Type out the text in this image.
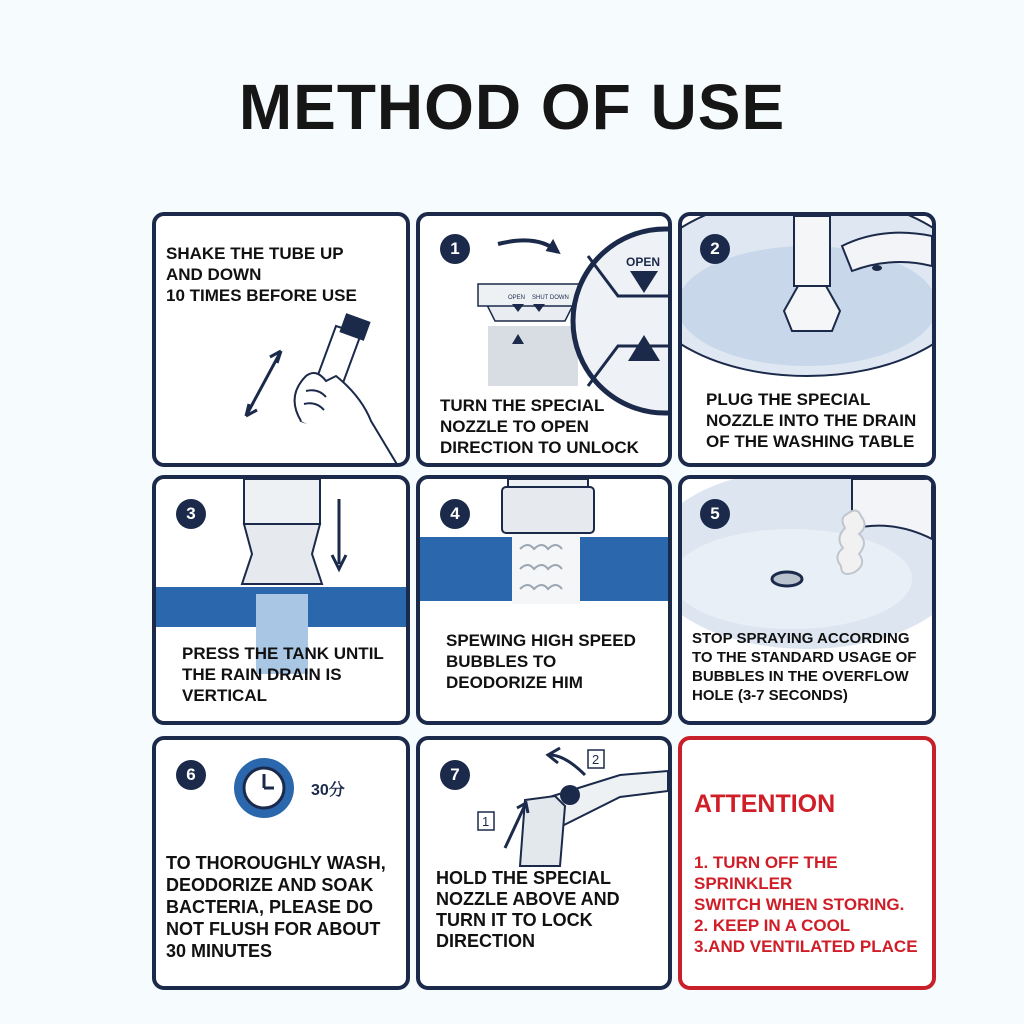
METHOD OF USE
SHAKE THE TUBE UP
AND DOWN
10 TIMES BEFORE USE
1
OPEN SHUT DOWN
OPEN
TURN THE SPECIAL
NOZZLE TO OPEN
DIRECTION TO UNLOCK
2
PLUG THE SPECIAL
NOZZLE INTO THE DRAIN
OF THE WASHING TABLE
3
PRESS THE TANK UNTIL
THE RAIN DRAIN IS
VERTICAL
4
SPEWING HIGH SPEED
BUBBLES TO
DEODORIZE HIM
5
STOP SPRAYING ACCORDING
TO THE STANDARD USAGE OF
BUBBLES IN THE OVERFLOW
HOLE (3-7 SECONDS)
6
30分
TO THOROUGHLY WASH,
DEODORIZE AND SOAK
BACTERIA, PLEASE DO
NOT FLUSH FOR ABOUT
30 MINUTES
7
1
2
HOLD THE SPECIAL
NOZZLE ABOVE AND
TURN IT TO LOCK
DIRECTION
ATTENTION
1. TURN OFF THE
SPRINKLER
SWITCH WHEN STORING.
2. KEEP IN A COOL
3.AND VENTILATED PLACE
